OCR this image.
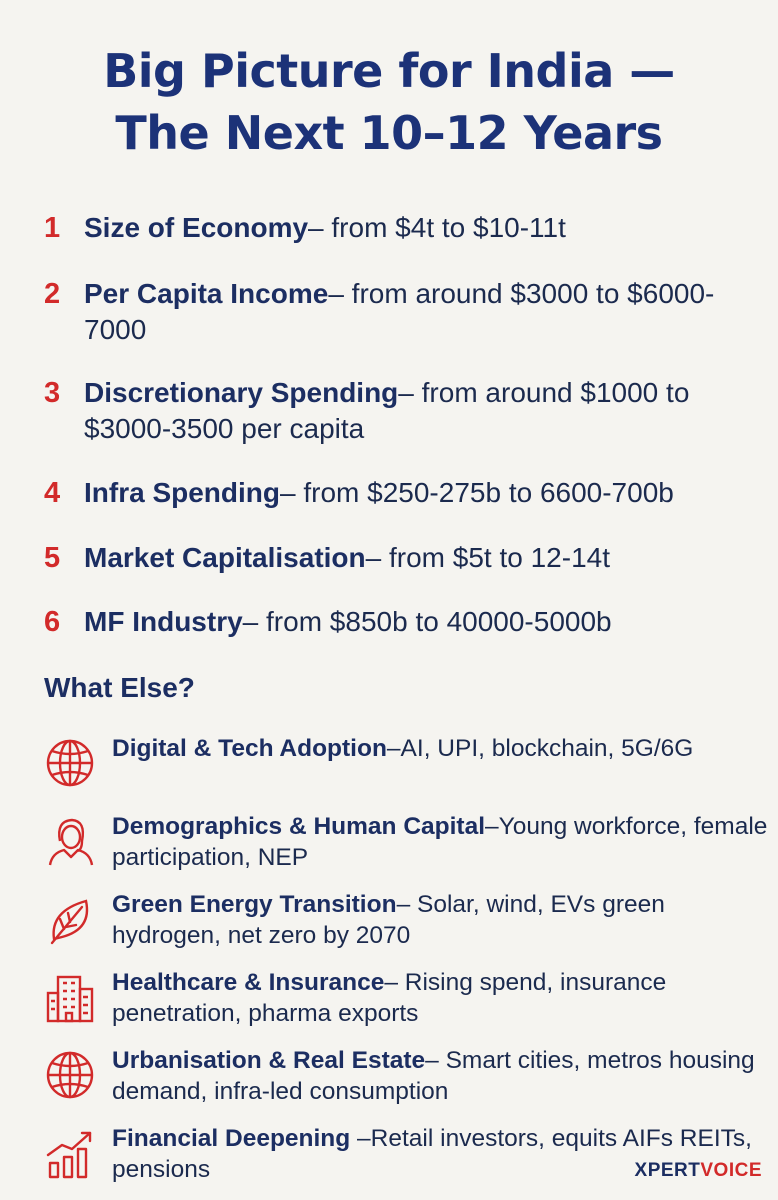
Big Picture for India —
The Next 10–12 Years
1 Size of Economy– from $4t to $10-11t
2 Per Capita Income– from around $3000 to $6000-7000
3 Discretionary Spending– from around $1000 to $3000-3500 per capita
4 Infra Spending– from $250-275b to 6600-700b
5 Market Capitalisation– from $5t to 12-14t
6 MF Industry– from $850b to 40000-5000b
What Else?
Digital & Tech Adoption–AI, UPI, blockchain, 5G/6G
Demographics & Human Capital–Young workforce, female participation, NEP
Green Energy Transition– Solar, wind, EVs green hydrogen, net zero by 2070
Healthcare & Insurance– Rising spend, insurance penetration, pharma exports
Urbanisation & Real Estate– Smart cities, metros housing demand, infra-led consumption
Financial Deepening –Retail investors, equits AIFs REITs, pensions	XPERTVOICE
